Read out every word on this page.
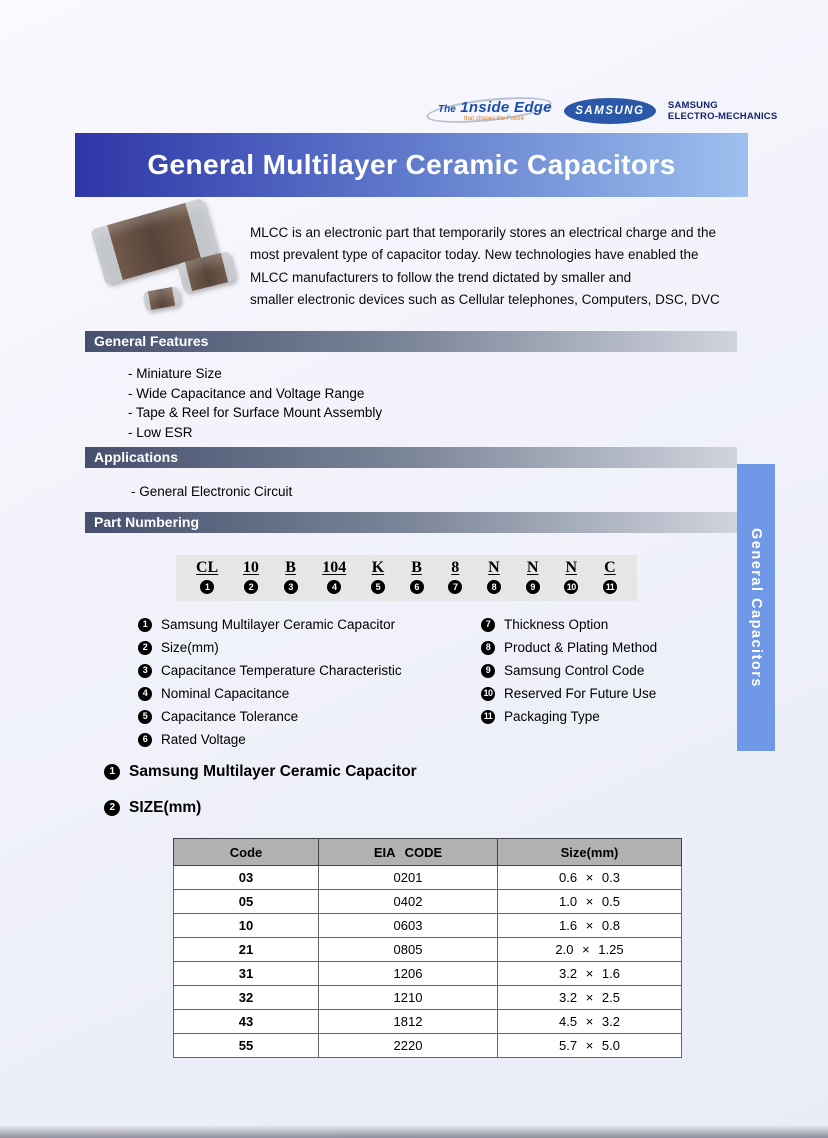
The 1nside Edge
that shapes the Future
SAMSUNG	SAMSUNG
ELECTRO-MECHANICS
General Multilayer Ceramic Capacitors
MLCC is an electronic part that temporarily stores an electrical charge and the
most prevalent type of capacitor today. New technologies have enabled the
MLCC manufacturers to follow the trend dictated by smaller and
smaller electronic devices such as Cellular telephones, Computers, DSC, DVC
General Features
- Miniature Size
- Wide Capacitance and Voltage Range
- Tape & Reel for Surface Mount Assembly
- Low ESR
Applications
- General Electronic Circuit
Part Numbering
CL
1
10
2
B
3
104
4
K
5
B
6
8
7
N
8
N
9
N
10
C
11
1	Samsung Multilayer Ceramic Capacitor
2	Size(mm)
3	Capacitance Temperature Characteristic
4	Nominal Capacitance
5	Capacitance Tolerance
6	Rated Voltage
7	Thickness Option
8	Product & Plating Method
9	Samsung Control Code
10 Reserved For Future Use
11 Packaging Type
General Capacitors
1 Samsung Multilayer Ceramic Capacitor
2 SIZE(mm)
Code	EIA CODE	Size(mm)
03	0201	0.6 × 0.3
05	0402	1.0 × 0.5
10	0603	1.6 × 0.8
21	0805	2.0 × 1.25
31	1206	3.2 × 1.6
32	1210	3.2 × 2.5
43	1812	4.5 × 3.2
55	2220	5.7 × 5.0
